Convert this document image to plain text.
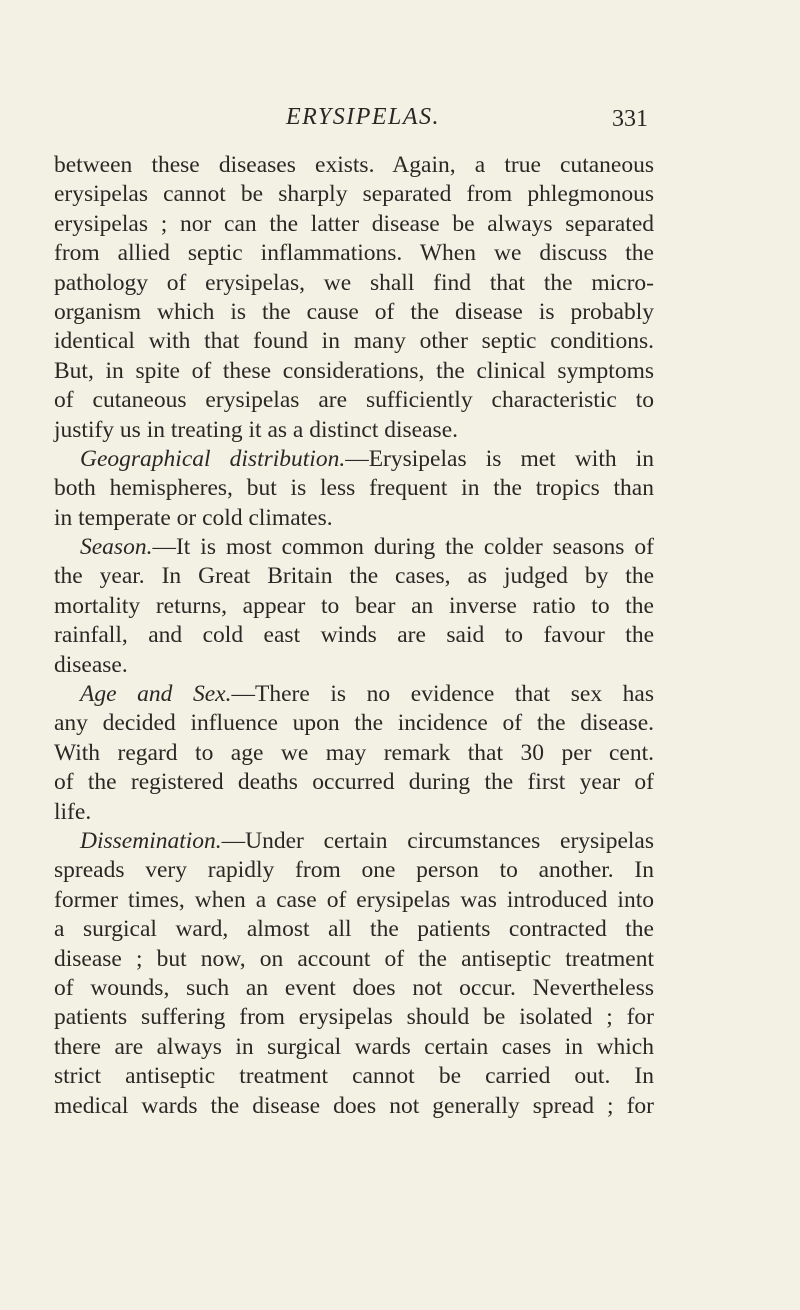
ERYSIPELAS.	331
between these diseases exists. Again, a true cutaneous
erysipelas cannot be sharply separated from phlegmonous
erysipelas ; nor can the latter disease be always separated
from allied septic inflammations. When we discuss the
pathology of erysipelas, we shall find that the micro-
organism which is the cause of the disease is probably
identical with that found in many other septic conditions.
But, in spite of these considerations, the clinical symptoms
of cutaneous erysipelas are sufficiently characteristic to
justify us in treating it as a distinct disease.
Geographical distribution.—Erysipelas is met with in
both hemispheres, but is less frequent in the tropics than
in temperate or cold climates.
Season.—It is most common during the colder seasons of
the year. In Great Britain the cases, as judged by the
mortality returns, appear to bear an inverse ratio to the
rainfall, and cold east winds are said to favour the
disease.
Age and Sex.—There is no evidence that sex has
any decided influence upon the incidence of the disease.
With regard to age we may remark that 30 per cent.
of the registered deaths occurred during the first year of
life.
Dissemination.—Under certain circumstances erysipelas
spreads very rapidly from one person to another. In
former times, when a case of erysipelas was introduced into
a surgical ward, almost all the patients contracted the
disease ; but now, on account of the antiseptic treatment
of wounds, such an event does not occur. Nevertheless
patients suffering from erysipelas should be isolated ; for
there are always in surgical wards certain cases in which
strict antiseptic treatment cannot be carried out. In
medical wards the disease does not generally spread ; for
